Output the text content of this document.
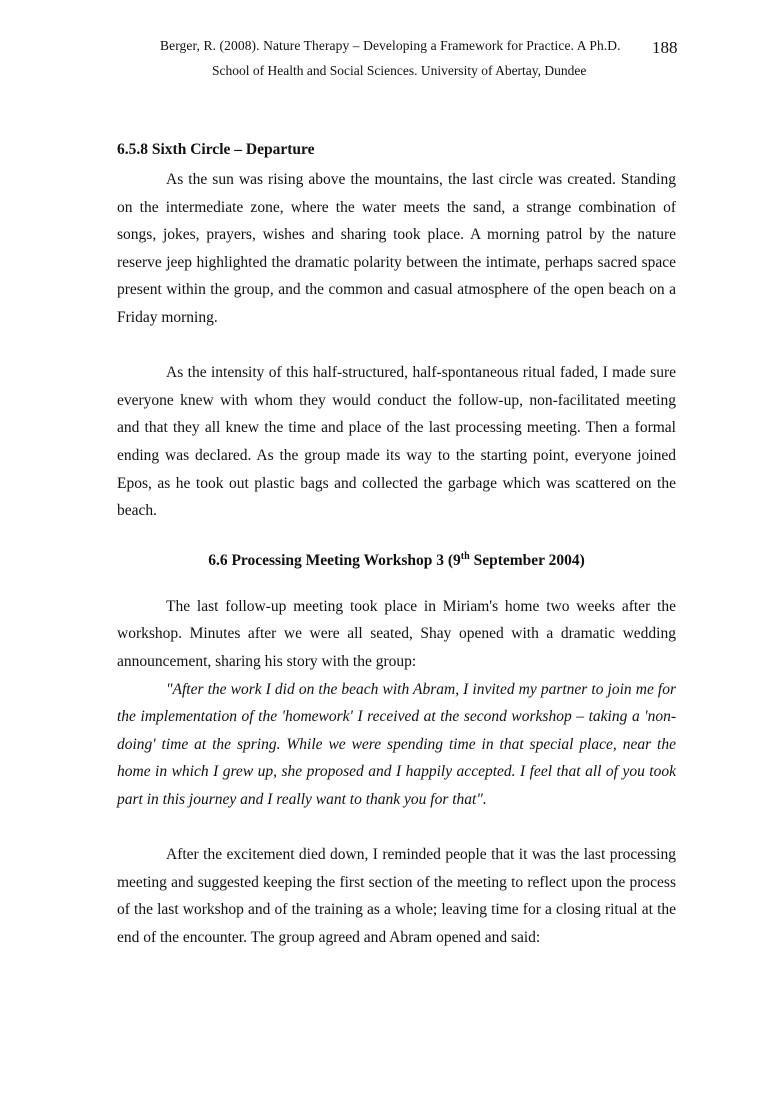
Berger, R. (2008). Nature Therapy – Developing a Framework for Practice. A Ph.D. 188
School of Health and Social Sciences. University of Abertay, Dundee
6.5.8 Sixth Circle – Departure

As the sun was rising above the mountains, the last circle was created. Standing on the intermediate zone, where the water meets the sand, a strange combination of songs, jokes, prayers, wishes and sharing took place. A morning patrol by the nature reserve jeep highlighted the dramatic polarity between the intimate, perhaps sacred space present within the group, and the common and casual atmosphere of the open beach on a Friday morning.

As the intensity of this half-structured, half-spontaneous ritual faded, I made sure everyone knew with whom they would conduct the follow-up, non-facilitated meeting and that they all knew the time and place of the last processing meeting. Then a formal ending was declared. As the group made its way to the starting point, everyone joined Epos, as he took out plastic bags and collected the garbage which was scattered on the beach.

6.6 Processing Meeting Workshop 3 (9th September 2004)

The last follow-up meeting took place in Miriam's home two weeks after the workshop. Minutes after we were all seated, Shay opened with a dramatic wedding announcement, sharing his story with the group:

"After the work I did on the beach with Abram, I invited my partner to join me for the implementation of the 'homework' I received at the second workshop – taking a 'non-doing' time at the spring. While we were spending time in that special place, near the home in which I grew up, she proposed and I happily accepted. I feel that all of you took part in this journey and I really want to thank you for that".

After the excitement died down, I reminded people that it was the last processing meeting and suggested keeping the first section of the meeting to reflect upon the process of the last workshop and of the training as a whole; leaving time for a closing ritual at the end of the encounter. The group agreed and Abram opened and said:
